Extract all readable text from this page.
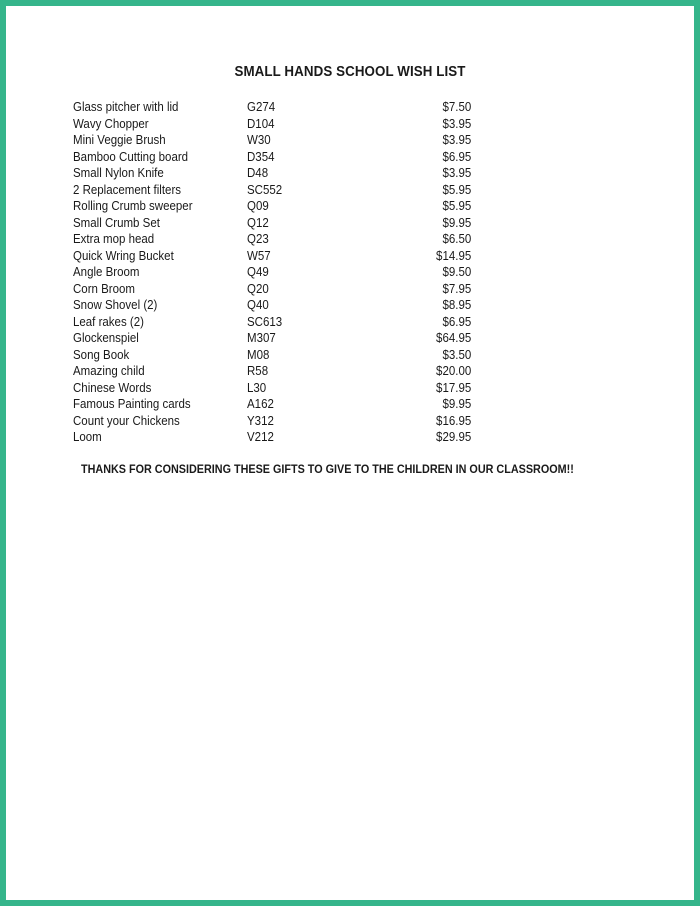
SMALL HANDS SCHOOL WISH LIST
Glass pitcher with lid	G274	$7.50
Wavy Chopper	D104	$3.95
Mini Veggie Brush	W30	$3.95
Bamboo Cutting board	D354	$6.95
Small Nylon Knife	D48	$3.95
2 Replacement filters	SC552	$5.95
Rolling Crumb sweeper	Q09	$5.95
Small Crumb Set	Q12	$9.95
Extra mop head	Q23	$6.50
Quick Wring Bucket	W57	$14.95
Angle Broom	Q49	$9.50
Corn Broom	Q20	$7.95
Snow Shovel (2)	Q40	$8.95
Leaf rakes (2)	SC613	$6.95
Glockenspiel	M307	$64.95
Song Book	M08	$3.50
Amazing child	R58	$20.00
Chinese Words	L30	$17.95
Famous Painting cards	A162	$9.95
Count your Chickens	Y312	$16.95
Loom	V212	$29.95
THANKS FOR CONSIDERING THESE GIFTS TO GIVE TO THE CHILDREN IN OUR CLASSROOM!!
